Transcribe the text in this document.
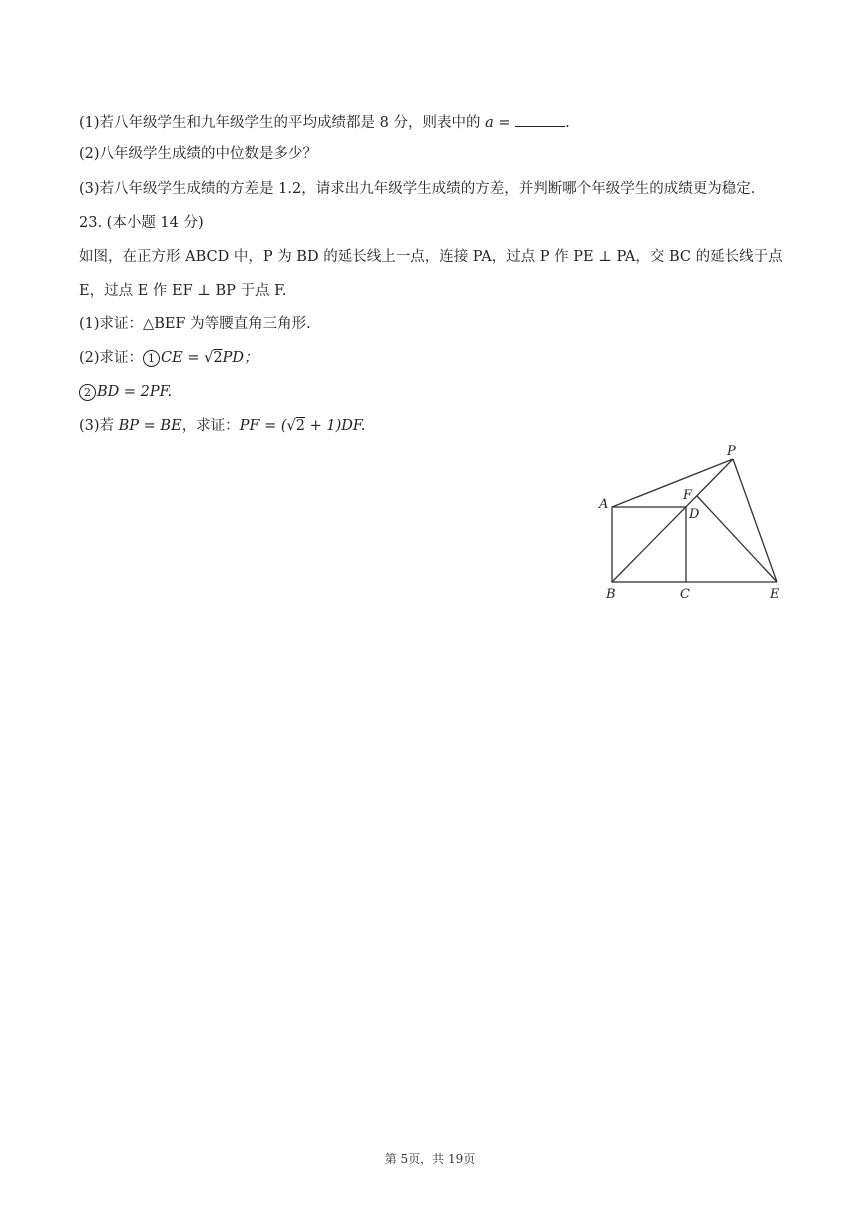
(1)若八年级学生和九年级学生的平均成绩都是 8 分，则表中的 a =	.
(2)八年级学生成绩的中位数是多少？
(3)若八年级学生成绩的方差是 1.2，请求出九年级学生成绩的方差，并判断哪个年级学生的成绩更为稳定.
23. (本小题 14 分)
如图，在正方形 ABCD 中，P 为 BD 的延长线上一点，连接 PA，过点 P 作 PE ⊥ PA，交 BC 的延长线于点
E，过点 E 作 EF ⊥ BP 于点 F.
(1)求证：△BEF 为等腰直角三角形.
(2)求证： 1 CE = √2PD；
2 BD = 2PF.
(3)若 BP = BE，求证：PF = (√2 + 1)DF.
A
B	C
D
E
F
P
第 5页，共 19页
